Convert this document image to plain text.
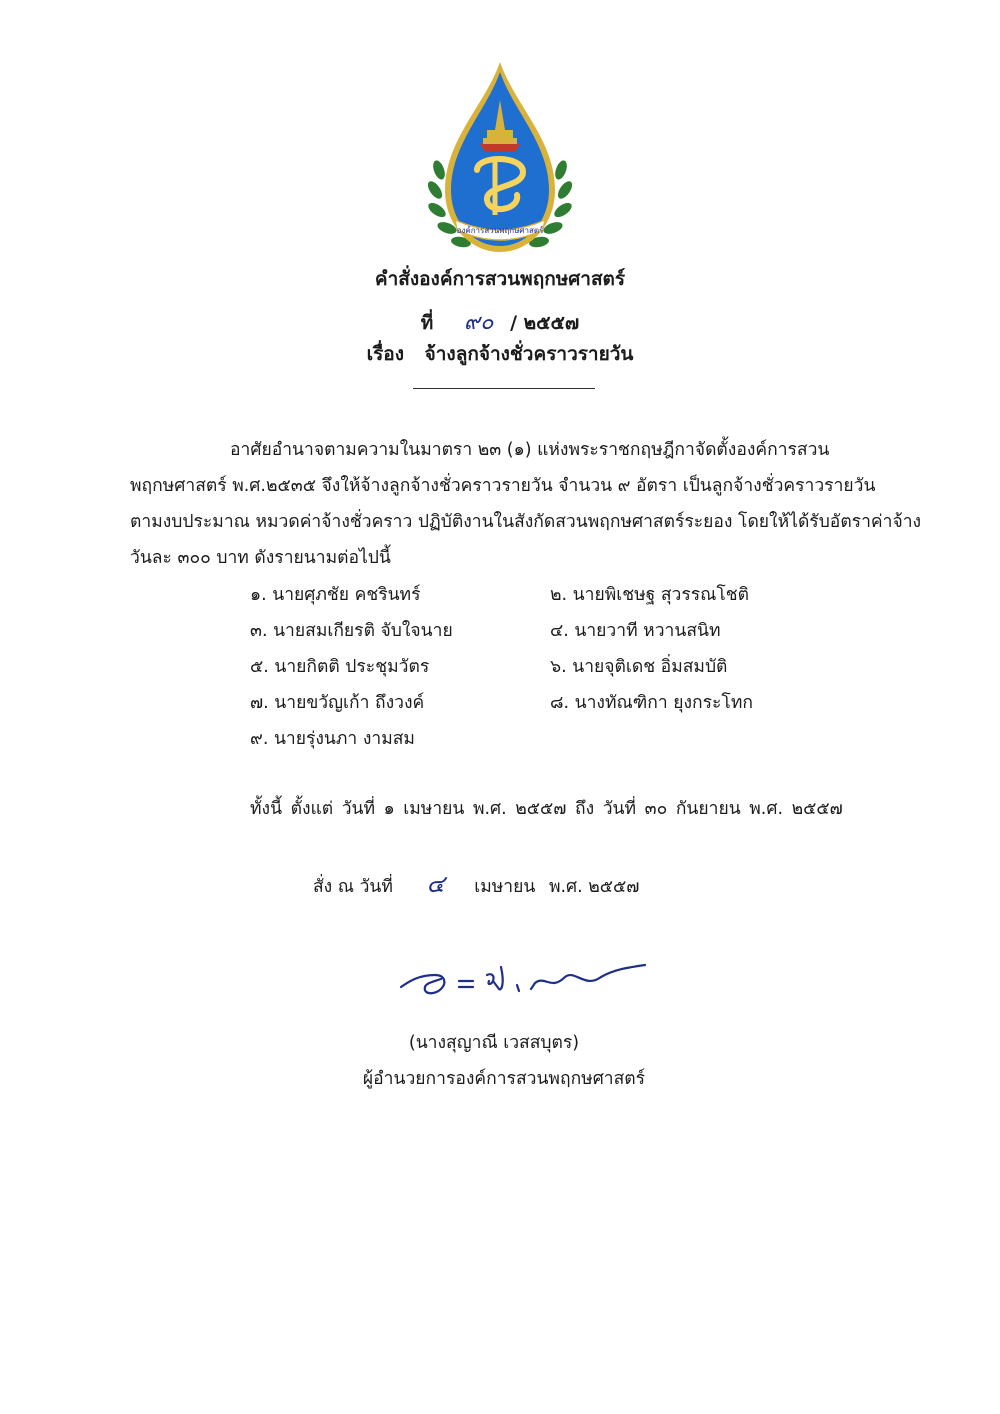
องค์การสวนพฤกษศาสตร์
คำสั่งองค์การสวนพฤกษศาสตร์
ที่ ๙๐ / ๒๕๕๗
เรื่อง จ้างลูกจ้างชั่วคราวรายวัน
อาศัยอำนาจตามความในมาตรา ๒๓ (๑) แห่งพระราชกฤษฎีกาจัดตั้งองค์การสวน
พฤกษศาสตร์ พ.ศ.๒๕๓๕ จึงให้จ้างลูกจ้างชั่วคราวรายวัน จำนวน ๙ อัตรา เป็นลูกจ้างชั่วคราวรายวัน
ตามงบประมาณ หมวดค่าจ้างชั่วคราว ปฏิบัติงานในสังกัดสวนพฤกษศาสตร์ระยอง โดยให้ได้รับอัตราค่าจ้าง
วันละ ๓๐๐ บาท ดังรายนามต่อไปนี้
๑. นายศุภชัย คชรินทร์	๒. นายพิเชษฐ สุวรรณโชติ
๓. นายสมเกียรติ จับใจนาย	๔. นายวาที หวานสนิท
๕. นายกิตติ ประชุมวัตร	๖. นายจุติเดช อิ่มสมบัติ
๗. นายขวัญเก้า ถึงวงค์	๘. นางทัณฑิกา ยุงกระโทก
๙. นายรุ่งนภา งามสม
ทั้งนี้ ตั้งแต่ วันที่ ๑ เมษายน พ.ศ. ๒๕๕๗ ถึง วันที่ ๓๐ กันยายน พ.ศ. ๒๕๕๗
สั่ง ณ วันที่ ๔ เมษายน พ.ศ. ๒๕๕๗
(นางสุญาณี เวสสบุตร)
ผู้อำนวยการองค์การสวนพฤกษศาสตร์
